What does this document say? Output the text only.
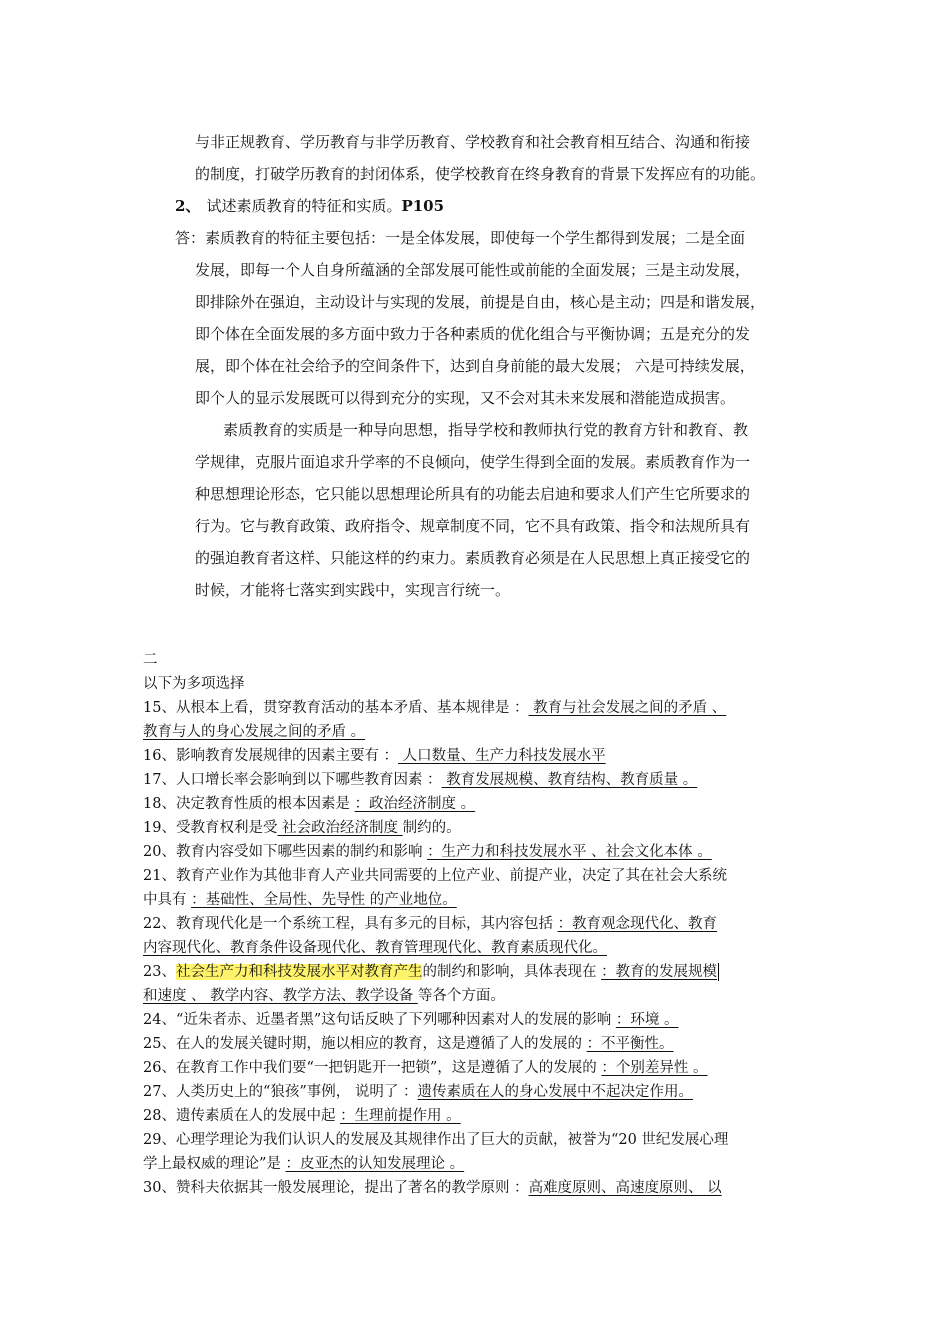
与非正规教育、学历教育与非学历教育、学校教育和社会教育相互结合、沟通和衔接

的制度，打破学历教育的封闭体系，使学校教育在终身教育的背景下发挥应有的功能。

2、 试述素质教育的特征和实质。P105

答：素质教育的特征主要包括：一是全体发展，即使每一个学生都得到发展；二是全面

发展，即每一个人自身所蕴涵的全部发展可能性或前能的全面发展；三是主动发展，

即排除外在强迫，主动设计与实现的发展，前提是自由，核心是主动；四是和谐发展，

即个体在全面发展的多方面中致力于各种素质的优化组合与平衡协调；五是充分的发

展，即个体在社会给予的空间条件下，达到自身前能的最大发展； 六是可持续发展，

即个人的显示发展既可以得到充分的实现，又不会对其未来发展和潜能造成损害。

素质教育的实质是一种导向思想，指导学校和教师执行党的教育方针和教育、教

学规律，克服片面追求升学率的不良倾向，使学生得到全面的发展。素质教育作为一

种思想理论形态，它只能以思想理论所具有的功能去启迪和要求人们产生它所要求的

行为。它与教育政策、政府指令、规章制度不同，它不具有政策、指令和法规所具有

的强迫教育者这样、只能这样的约束力。素质教育必须是在人民思想上真正接受它的

时候，才能将七落实到实践中，实现言行统一。

二
以下为多项选择
15、从根本上看，贯穿教育活动的基本矛盾、基本规律是 ： 教育与社会发展之间的矛盾 、
教育与人的身心发展之间的矛盾 。
16、影响教育发展规律的因素主要有 ： 人口数量、生产力科技发展水平
17、人口增长率会影响到以下哪些教育因素 ： 教育发展规模、教育结构、教育质量 。
18、决定教育性质的根本因素是 ：政治经济制度 。
19、受教育权利是受 社会政治经济制度 制约的。
20、教育内容受如下哪些因素的制约和影响 ：生产力和科技发展水平 、社会文化本体 。
21、教育产业作为其他非育人产业共同需要的上位产业、前提产业，决定了其在社会大系统
中具有 ：基础性、全局性、先导性 的产业地位。
22、教育现代化是一个系统工程，具有多元的目标，其内容包括 ：教育观念现代化、教育
内容现代化、教育条件设备现代化、教育管理现代化、教育素质现代化。
23、社会生产力和科技发展水平对教育产生的制约和影响，具体表现在 ：教育的发展规模
和速度 、 教学内容、教学方法、教学设备 等各个方面。
24、“近朱者赤、近墨者黑”这句话反映了下列哪种因素对人的发展的影响 ：环境 。
25、在人的发展关键时期，施以相应的教育，这是遵循了人的发展的 ：不平衡性。
26、在教育工作中我们要“一把钥匙开一把锁”，这是遵循了人的发展的 ：个别差异性 。
27、人类历史上的“狼孩”事例， 说明了 ：遗传素质在人的身心发展中不起决定作用。
28、遗传素质在人的发展中起 ：生理前提作用 。
29、心理学理论为我们认识人的发展及其规律作出了巨大的贡献，被誉为“20 世纪发展心理
学上最权威的理论”是 ：皮亚杰的认知发展理论 。
30、赞科夫依据其一般发展理论，提出了著名的教学原则 ：高难度原则、高速度原则、 以
